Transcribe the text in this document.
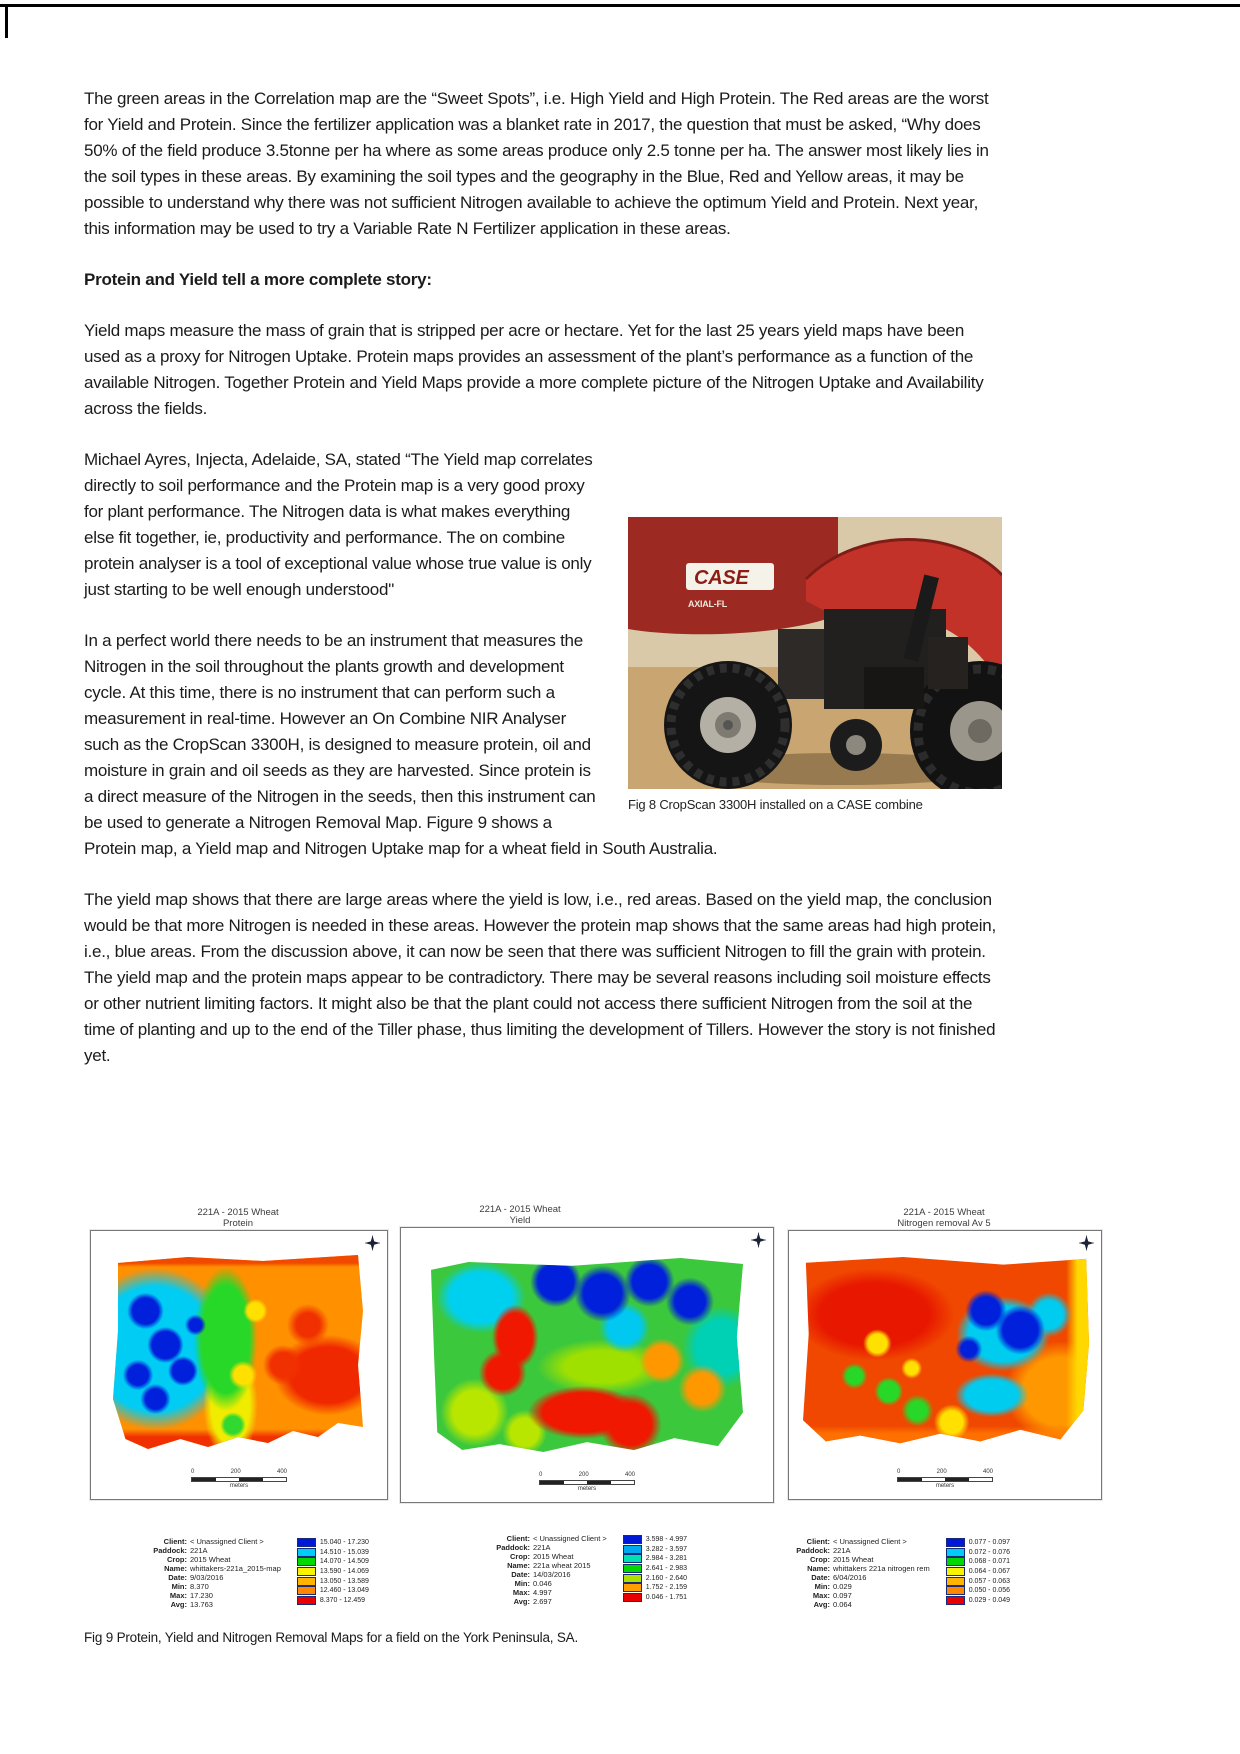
The green areas in the Correlation map are the “Sweet Spots”, i.e. High Yield and High Protein. The Red areas are the worst for Yield and Protein. Since the fertilizer application was a blanket rate in 2017, the question that must be asked, “Why does 50% of the field produce 3.5tonne per ha where as some areas produce only 2.5 tonne per ha. The answer most likely lies in the soil types in these areas. By examining the soil types and the geography in the Blue, Red and Yellow areas, it may be possible to understand why there was not sufficient Nitrogen available to achieve the optimum Yield and Protein. Next year, this information may be used to try a Variable Rate N Fertilizer application in these areas.

Protein and Yield tell a more complete story:

Yield maps measure the mass of grain that is stripped per acre or hectare. Yet for the last 25 years yield maps have been used as a proxy for Nitrogen Uptake. Protein maps provides an assessment of the plant’s performance as a function of the available Nitrogen. Together Protein and Yield Maps provide a more complete picture of the Nitrogen Uptake and Availability across the fields.

CASE
AXIAL-FL
Fig 8 CropScan 3300H installed on a CASE combine

Michael Ayres, Injecta, Adelaide, SA, stated “The Yield map correlates directly to soil performance and the Protein map is a very good proxy for plant performance. The Nitrogen data is what makes everything else fit together, ie, productivity and performance. The on combine protein analyser is a tool of exceptional value whose true value is only just starting to be well enough understood"

In a perfect world there needs to be an instrument that measures the Nitrogen in the soil throughout the plants growth and development cycle. At this time, there is no instrument that can perform such a measurement in real-time. However an On Combine NIR Analyser such as the CropScan 3300H, is designed to measure protein, oil and moisture in grain and oil seeds as they are harvested. Since protein is a direct measure of the Nitrogen in the seeds, then this instrument can be used to generate a Nitrogen Removal Map. Figure 9 shows a Protein map, a Yield map and Nitrogen Uptake map for a wheat field in South Australia.

The yield map shows that there are large areas where the yield is low, i.e., red areas. Based on the yield map, the conclusion would be that more Nitrogen is needed in these areas. However the protein map shows that the same areas had high protein, i.e., blue areas. From the discussion above, it can now be seen that there was sufficient Nitrogen to fill the grain with protein. The yield map and the protein maps appear to be contradictory. There may be several reasons including soil moisture effects or other nutrient limiting factors. It might also be that the plant could not access there sufficient Nitrogen from the soil at the time of planting and up to the end of the Tiller phase, thus limiting the development of Tillers. However the story is not finished yet.

221A - 2015 Wheat
Protein
221A - 2015 Wheat
Yield
221A - 2015 Wheat
Nitrogen removal Av 5
0	200	400
meters
0	200	400
meters
0	200	400
meters
Client: < Unassigned Client >
Paddock: 221A
Crop: 2015 Wheat
Name: whittakers-221a_2015-map
Date: 9/03/2016
Min: 8.370
Max: 17.230
Avg: 13.763
15.040 - 17.230
14.510 - 15.039
14.070 - 14.509
13.590 - 14.069
13.050 - 13.589
12.460 - 13.049
8.370 - 12.459
Client: < Unassigned Client >
Paddock: 221A
Crop: 2015 Wheat
Name: 221a wheat 2015
Date: 14/03/2016
Min: 0.046
Max: 4.997
Avg: 2.697
3.598 - 4.997
3.282 - 3.597
2.984 - 3.281
2.641 - 2.983
2.160 - 2.640
1.752 - 2.159
0.046 - 1.751
Client: < Unassigned Client >
Paddock: 221A
Crop: 2015 Wheat
Name: whittakers 221a nitrogen rem
Date: 6/04/2016
Min: 0.029
Max: 0.097
Avg: 0.064
0.077 - 0.097
0.072 - 0.076
0.068 - 0.071
0.064 - 0.067
0.057 - 0.063
0.050 - 0.056
0.029 - 0.049
Fig 9 Protein, Yield and Nitrogen Removal Maps for a field on the York Peninsula, SA.
